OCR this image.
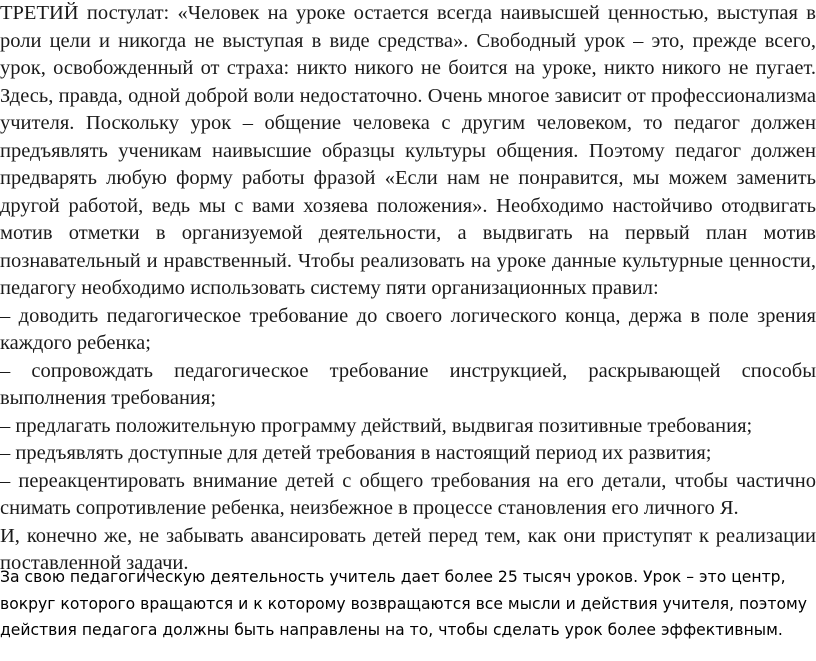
ТРЕТИЙ постулат: «Человек на уроке остается всегда наивысшей ценностью, выступая в роли цели и никогда не выступая в виде средства». Свободный урок – это, прежде всего, урок, освобожденный от страха: никто никого не боится на уроке, никто никого не пугает. Здесь, правда, одной доброй воли недостаточно. Очень многое зависит от профессионализма учителя. Поскольку урок – общение человека с другим человеком, то педагог должен предъявлять ученикам наивысшие образцы культуры общения. Поэтому педагог должен предварять любую форму работы фразой «Если нам не понравится, мы можем заменить другой работой, ведь мы с вами хозяева положения». Необходимо настойчиво отодвигать мотив отметки в организуемой деятельности, а выдвигать на первый план мотив познавательный и нравственный. Чтобы реализовать на уроке данные культурные ценности, педагогу необходимо использовать систему пяти организационных правил:

– доводить педагогическое требование до своего логического конца, держа в поле зрения каждого ребенка;

– сопровождать педагогическое требование инструкцией, раскрывающей способы выполнения требования;

– предлагать положительную программу действий, выдвигая позитивные требования;

– предъявлять доступные для детей требования в настоящий период их развития;

– переакцентировать внимание детей с общего требования на его детали, чтобы частично снимать сопротивление ребенка, неизбежное в процессе становления его личного Я.

И, конечно же, не забывать авансировать детей перед тем, как они приступят к реализации поставленной задачи.

За свою педагогическую деятельность учитель дает более 25 тысяч уроков. Урок – это центр, вокруг которого вращаются и к которому возвращаются все мысли и действия учителя, поэтому действия педагога должны быть направлены на то, чтобы сделать урок более эффективным.
